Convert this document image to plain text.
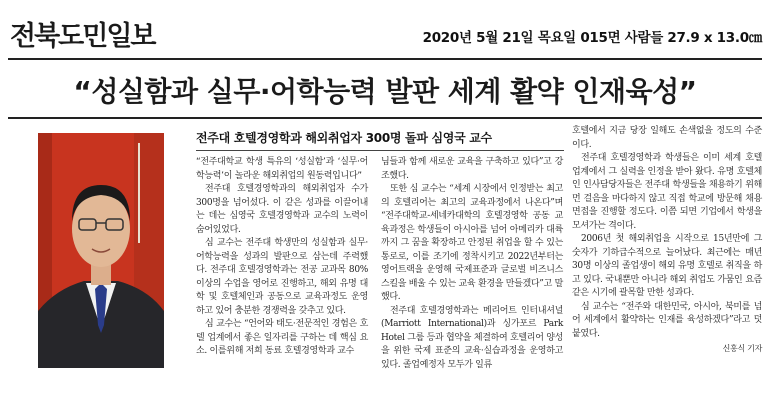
전북도민일보	2020년 5월 21일 목요일 015면 사람들 27.9 x 13.0㎝
“성실함과 실무·어학능력 발판 세계 활약 인재육성”
전주대 호텔경영학과 해외취업자 300명 돌파 심영국 교수

“전주대학교 학생 특유의 ‘성실함’과 ‘실무·어학능력’이 놀라운 해외취업의 원동력입니다”

전주대 호텔경영학과의 해외취업자 수가 300명을 넘어섰다. 이 같은 성과를 이끌어내는 데는 심영국 호텔경영학과 교수의 노력이 숨어있었다.

심 교수는 전주대 학생만의 성실함과 실무·어학능력을 성과의 발판으로 삼는데 주력했다. 전주대 호텔경영학과는 전공 교과목 80% 이상의 수업을 영어로 진행하고, 해외 유명 대학 및 호텔체인과 공동으로 교육과정도 운영하고 있어 충분한 경쟁력을 갖추고 있다.

심 교수는 “언어와 태도·전문적인 경험은 호텔 업계에서 좋은 일자리를 구하는 데 핵심 요소. 이를위해 저희 동료 호텔경영학과 교수

님들과 함께 새로운 교육을 구축하고 있다”고 강조했다.

또한 심 교수는 “세계 시장에서 인정받는 최고의 호텔리어는 최고의 교육과정에서 나온다”며 “전주대학교-세네카대학의 호텔경영학 공동 교육과정은 학생들이 아시아를 넘어 아메리카 대륙까지 그 꿈을 확장하고 안정된 취업을 할 수 있는 통로로, 이를 조기에 정착시키고 2022년부터는 영어트랙을 운영해 국제표준과 글로벌 비즈니스 스킬을 배울 수 있는 교육 환경을 만들겠다”고 말했다.

전주대 호텔경영학과는 메리어트 인터내셔널(Marriott International)과 싱가포르 Park Hotel 그룹 등과 협약을 체결하여 호텔리어 양성을 위한 국제 표준의 교육·실습과정을 운영하고 있다. 졸업예정자 모두가 일류

호텔에서 지금 당장 일해도 손색없을 정도의 수준이다.

전주대 호텔경영학과 학생들은 이미 세계 호텔 업계에서 그 실력을 인정을 받아 왔다. 유명 호텔체인 인사담당자들은 전주대 학생들을 채용하기 위해 먼 걸음을 마다하지 않고 직접 학교에 방문해 채용면접을 진행할 정도다. 이쯤 되면 기업에서 학생을 모셔가는 격이다.

2006년 첫 해외취업을 시작으로 15년만에 그 숫자가 기하급수적으로 늘어났다. 최근에는 매년 30명 이상의 졸업생이 해외 유명 호텔로 취직을 하고 있다. 국내뿐만 아니라 해외 취업도 가뭄인 요즘 같은 시기에 괄목할 만한 성과다.

심 교수는 “전주와 대한민국, 아시아, 북미를 넘어 세계에서 활약하는 인재를 육성하겠다”라고 덧붙였다.

신홍식 기자
